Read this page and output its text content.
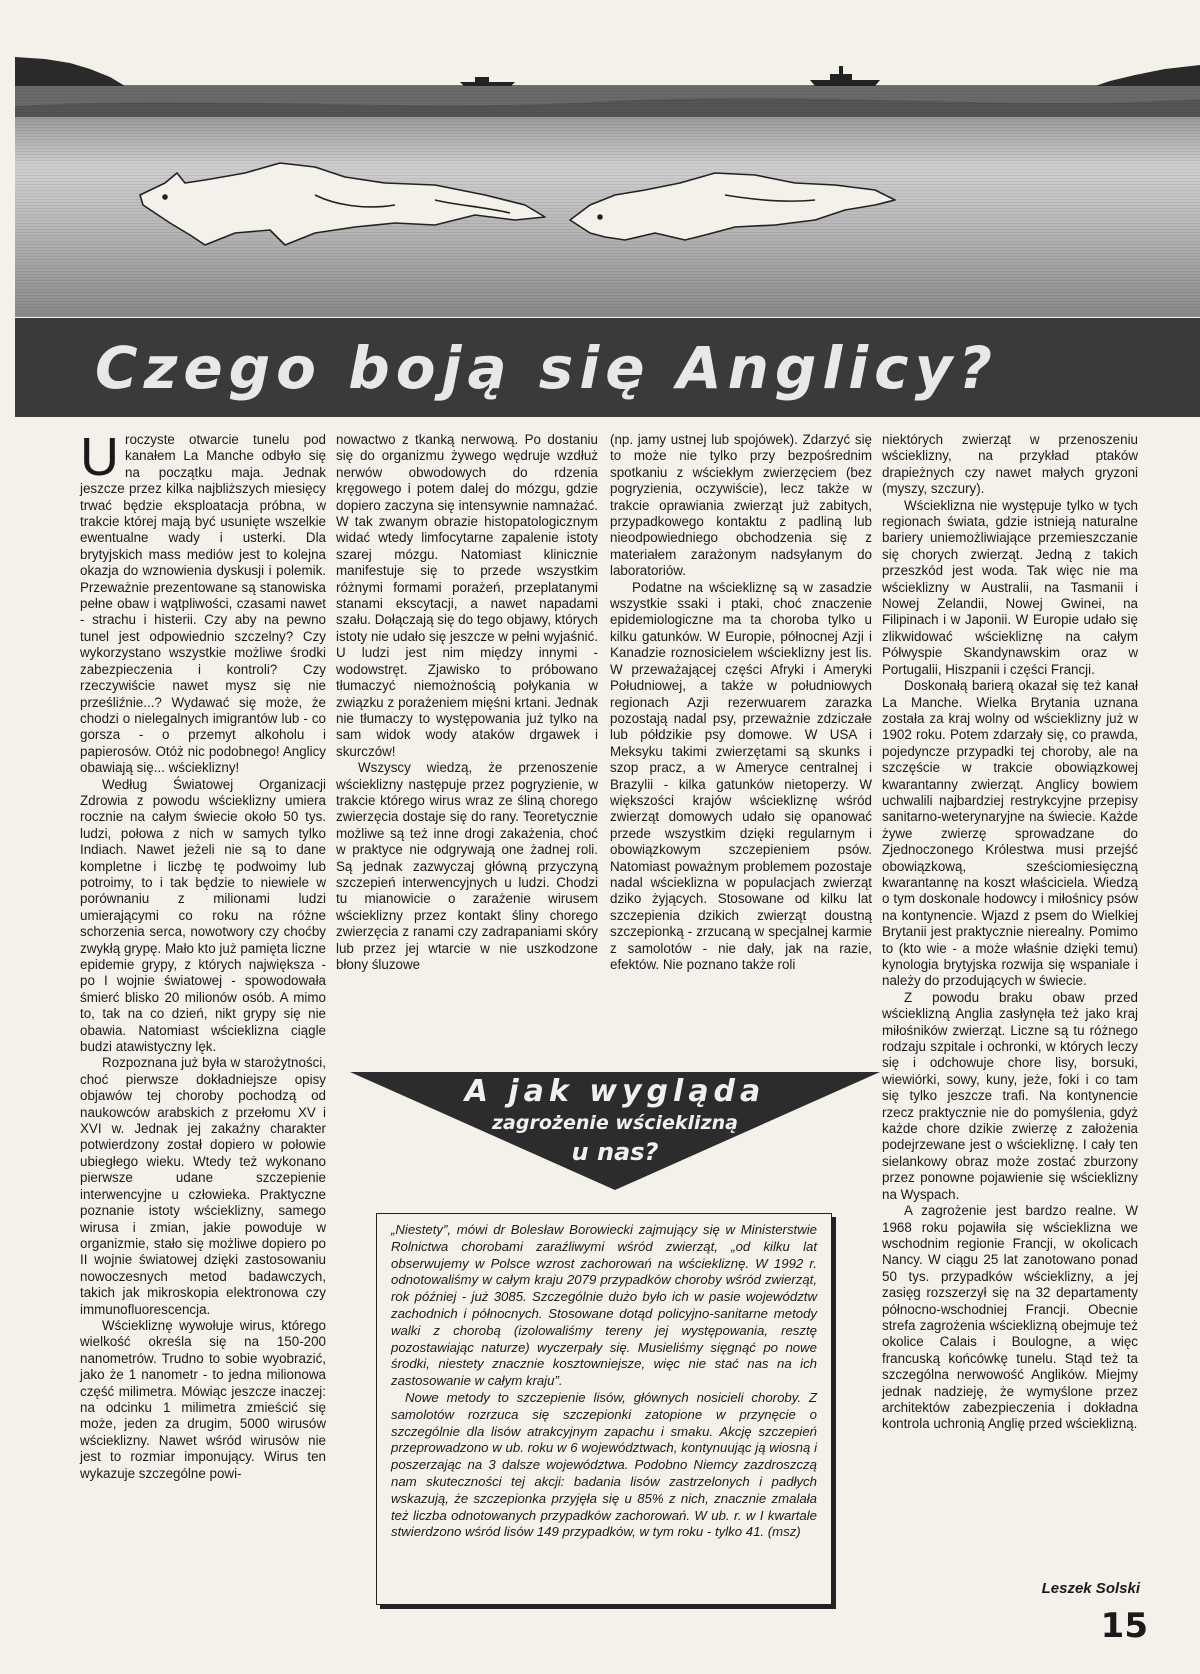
Czego boją się Anglicy?

Uroczyste otwarcie tunelu pod kanałem La Manche odbyło się na początku maja. Jednak jeszcze przez kilka najbliższych miesięcy trwać będzie eksploatacja próbna, w trakcie której mają być usunięte wszelkie ewentualne wady i usterki. Dla brytyjskich mass mediów jest to kolejna okazja do wznowienia dyskusji i polemik. Przeważnie prezentowane są stanowiska pełne obaw i wątpliwości, czasami nawet - strachu i histerii. Czy aby na pewno tunel jest odpowiednio szczelny? Czy wykorzystano wszystkie możliwe środki zabezpieczenia i kontroli? Czy rzeczywiście nawet mysz się nie prześliźnie...? Wydawać się może, że chodzi o nielegalnych imigrantów lub - co gorsza - o przemyt alkoholu i papierosów. Otóż nic podobnego! Anglicy obawiają się... wścieklizny!

Według Światowej Organizacji Zdrowia z powodu wścieklizny umiera rocznie na całym świecie około 50 tys. ludzi, połowa z nich w samych tylko Indiach. Nawet jeżeli nie są to dane kompletne i liczbę tę podwoimy lub potroimy, to i tak będzie to niewiele w porównaniu z milionami ludzi umierającymi co roku na różne schorzenia serca, nowotwory czy choćby zwykłą grypę. Mało kto już pamięta liczne epidemie grypy, z których największa - po I wojnie światowej - spowodowała śmierć blisko 20 milionów osób. A mimo to, tak na co dzień, nikt grypy się nie obawia. Natomiast wścieklizna ciągle budzi atawistyczny lęk.

Rozpoznana już była w starożytności, choć pierwsze dokładniejsze opisy objawów tej choroby pochodzą od naukowców arabskich z przełomu XV i XVI w. Jednak jej zakaźny charakter potwierdzony został dopiero w połowie ubiegłego wieku. Wtedy też wykonano pierwsze udane szczepienie interwencyjne u człowieka. Praktyczne poznanie istoty wścieklizny, samego wirusa i zmian, jakie powoduje w organizmie, stało się możliwe dopiero po II wojnie światowej dzięki zastosowaniu nowoczesnych metod badawczych, takich jak mikroskopia elektronowa czy immunofluorescencja.

Wściekliznę wywołuje wirus, którego wielkość określa się na 150-200 nanometrów. Trudno to sobie wyobrazić, jako że 1 nanometr - to jedna milionowa część milimetra. Mówiąc jeszcze inaczej: na odcinku 1 milimetra zmieścić się może, jeden za drugim, 5000 wirusów wścieklizny. Nawet wśród wirusów nie jest to rozmiar imponujący. Wirus ten wykazuje szczególne powi-

nowactwo z tkanką nerwową. Po dostaniu się do organizmu żywego wędruje wzdłuż nerwów obwodowych do rdzenia kręgowego i potem dalej do mózgu, gdzie dopiero zaczyna się intensywnie namnażać. W tak zwanym obrazie histopatologicznym widać wtedy limfocytarne zapalenie istoty szarej mózgu. Natomiast klinicznie manifestuje się to przede wszystkim różnymi formami porażeń, przeplatanymi stanami ekscytacji, a nawet napadami szału. Dołączają się do tego objawy, których istoty nie udało się jeszcze w pełni wyjaśnić. U ludzi jest nim między innymi - wodowstręt. Zjawisko to próbowano tłumaczyć niemożnością połykania w związku z porażeniem mięśni krtani. Jednak nie tłumaczy to występowania już tylko na sam widok wody ataków drgawek i skurczów!

Wszyscy wiedzą, że przenoszenie wścieklizny następuje przez pogryzienie, w trakcie którego wirus wraz ze śliną chorego zwierzęcia dostaje się do rany. Teoretycznie możliwe są też inne drogi zakażenia, choć w praktyce nie odgrywają one żadnej roli. Są jednak zazwyczaj główną przyczyną szczepień interwencyjnych u ludzi. Chodzi tu mianowicie o zarażenie wirusem wścieklizny przez kontakt śliny chorego zwierzęcia z ranami czy zadrapaniami skóry lub przez jej wtarcie w nie uszkodzone błony śluzowe

(np. jamy ustnej lub spojówek). Zdarzyć się to może nie tylko przy bezpośrednim spotkaniu z wściekłym zwierzęciem (bez pogryzienia, oczywiście), lecz także w trakcie oprawiania zwierząt już zabitych, przypadkowego kontaktu z padliną lub nieodpowiedniego obchodzenia się z materiałem zarażonym nadsyłanym do laboratoriów.

Podatne na wściekliznę są w zasadzie wszystkie ssaki i ptaki, choć znaczenie epidemiologiczne ma ta choroba tylko u kilku gatunków. W Europie, północnej Azji i Kanadzie roznosicielem wścieklizny jest lis. W przeważającej części Afryki i Ameryki Południowej, a także w południowych regionach Azji rezerwuarem zarazka pozostają nadal psy, przeważnie zdziczałe lub półdzikie psy domowe. W USA i Meksyku takimi zwierzętami są skunks i szop pracz, a w Ameryce centralnej i Brazylii - kilka gatunków nietoperzy. W większości krajów wściekliznę wśród zwierząt domowych udało się opanować przede wszystkim dzięki regularnym i obowiązkowym szczepieniem psów. Natomiast poważnym problemem pozostaje nadal wścieklizna w populacjach zwierząt dziko żyjących. Stosowane od kilku lat szczepienia dzikich zwierząt doustną szczepionką - zrzucaną w specjalnej karmie z samolotów - nie dały, jak na razie, efektów. Nie poznano także roli

niektórych zwierząt w przenoszeniu wścieklizny, na przykład ptaków drapieżnych czy nawet małych gryzoni (myszy, szczury).

Wścieklizna nie występuje tylko w tych regionach świata, gdzie istnieją naturalne bariery uniemożliwiające przemieszczanie się chorych zwierząt. Jedną z takich przeszkód jest woda. Tak więc nie ma wścieklizny w Australii, na Tasmanii i Nowej Zelandii, Nowej Gwinei, na Filipinach i w Japonii. W Europie udało się zlikwidować wściekliznę na całym Półwyspie Skandynawskim oraz w Portugalii, Hiszpanii i części Francji.

Doskonałą barierą okazał się też kanał La Manche. Wielka Brytania uznana została za kraj wolny od wścieklizny już w 1902 roku. Potem zdarzały się, co prawda, pojedyncze przypadki tej choroby, ale na szczęście w trakcie obowiązkowej kwarantanny zwierząt. Anglicy bowiem uchwalili najbardziej restrykcyjne przepisy sanitarno-weterynaryjne na świecie. Każde żywe zwierzę sprowadzane do Zjednoczonego Królestwa musi przejść obowiązkową, sześciomiesięczną kwarantannę na koszt właściciela. Wiedzą o tym doskonale hodowcy i miłośnicy psów na kontynencie. Wjazd z psem do Wielkiej Brytanii jest praktycznie nierealny. Pomimo to (kto wie - a może właśnie dzięki temu) kynologia brytyjska rozwija się wspaniale i należy do przodujących w świecie.

Z powodu braku obaw przed wścieklizną Anglia zasłynęła też jako kraj miłośników zwierząt. Liczne są tu różnego rodzaju szpitale i ochronki, w których leczy się i odchowuje chore lisy, borsuki, wiewiórki, sowy, kuny, jeże, foki i co tam się tylko jeszcze trafi. Na kontynencie rzecz praktycznie nie do pomyślenia, gdyż każde chore dzikie zwierzę z założenia podejrzewane jest o wściekliznę. I cały ten sielankowy obraz może zostać zburzony przez ponowne pojawienie się wścieklizny na Wyspach.

A zagrożenie jest bardzo realne. W 1968 roku pojawiła się wścieklizna we wschodnim regionie Francji, w okolicach Nancy. W ciągu 25 lat zanotowano ponad 50 tys. przypadków wścieklizny, a jej zasięg rozszerzył się na 32 departamenty północno-wschodniej Francji. Obecnie strefa zagrożenia wścieklizną obejmuje też okolice Calais i Boulogne, a więc francuską końcówkę tunelu. Stąd też ta szczególna nerwowość Anglików. Miejmy jednak nadzieję, że wymyślone przez architektów zabezpieczenia i dokładna kontrola uchronią Anglię przed wścieklizną.

A jak wygląda
zagrożenie wścieklizną
u nas?

„Niestety”, mówi dr Bolesław Borowiecki zajmujący się w Ministerstwie Rolnictwa chorobami zaraźliwymi wśród zwierząt, „od kilku lat obserwujemy w Polsce wzrost zachorowań na wściekliznę. W 1992 r. odnotowaliśmy w całym kraju 2079 przypadków choroby wśród zwierząt, rok później - już 3085. Szczególnie dużo było ich w pasie województw zachodnich i północnych. Stosowane dotąd policyjno-sanitarne metody walki z chorobą (izolowaliśmy tereny jej występowania, resztę pozostawiając naturze) wyczerpały się. Musieliśmy sięgnąć po nowe środki, niestety znacznie kosztowniejsze, więc nie stać nas na ich zastosowanie w całym kraju”.

Nowe metody to szczepienie lisów, głównych nosicieli choroby. Z samolotów rozrzuca się szczepionki zatopione w przynęcie o szczególnie dla lisów atrakcyjnym zapachu i smaku. Akcję szczepień przeprowadzono w ub. roku w 6 województwach, kontynuując ją wiosną i poszerzając na 3 dalsze województwa. Podobno Niemcy zazdroszczą nam skuteczności tej akcji: badania lisów zastrzelonych i padłych wskazują, że szczepionka przyjęła się u 85% z nich, znacznie zmalała też liczba odnotowanych przypadków zachorowań. W ub. r. w I kwartale stwierdzono wśród lisów 149 przypadków, w tym roku - tylko 41. (msz)

Leszek Solski
15
